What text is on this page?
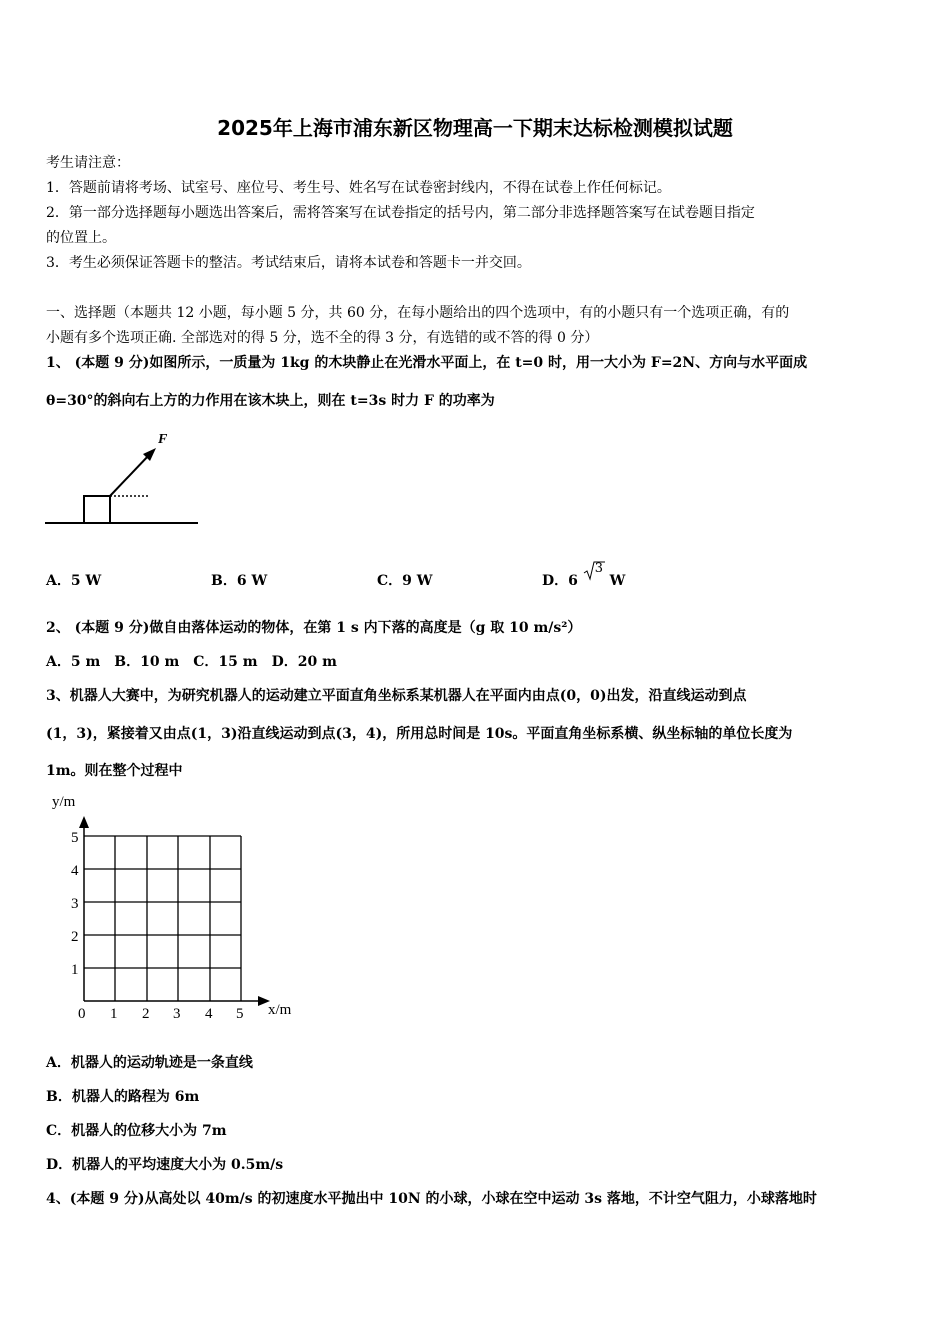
2025年上海市浦东新区物理高一下期末达标检测模拟试题
考生请注意：
1．答题前请将考场、试室号、座位号、考生号、姓名写在试卷密封线内，不得在试卷上作任何标记。
2．第一部分选择题每小题选出答案后，需将答案写在试卷指定的括号内，第二部分非选择题答案写在试卷题目指定
的位置上。
3．考生必须保证答题卡的整洁。考试结束后，请将本试卷和答题卡一并交回。
一、选择题（本题共 12 小题，每小题 5 分，共 60 分，在每小题给出的四个选项中，有的小题只有一个选项正确，有的
小题有多个选项正确. 全部选对的得 5 分，选不全的得 3 分，有选错的或不答的得 0 分）
1、 (本题 9 分)如图所示，一质量为 1kg 的木块静止在光滑水平面上，在 t=0 时，用一大小为 F=2N、方向与水平面成
θ=30°的斜向右上方的力作用在该木块上，则在 t=3s 时力 F 的功率为
F
A．5 W	B．6 W	C．9 W	D．6
3
W
2、 (本题 9 分)做自由落体运动的物体，在第 1 s 内下落的高度是（g 取 10 m/s²）
A．5 m　B．10 m　C．15 m　D．20 m
3、机器人大赛中，为研究机器人的运动建立平面直角坐标系某机器人在平面内由点(0，0)出发，沿直线运动到点
(1，3)，紧接着又由点(1，3)沿直线运动到点(3，4)，所用总时间是 10s。平面直角坐标系横、纵坐标轴的单位长度为
1m。则在整个过程中
y/m
x/m
0 1 2 3 4 5
1
2
3
4
5
A．机器人的运动轨迹是一条直线
B．机器人的路程为 6m
C．机器人的位移大小为 7m
D．机器人的平均速度大小为 0.5m/s
4、(本题 9 分)从高处以 40m/s 的初速度水平抛出中 10N 的小球，小球在空中运动 3s 落地，不计空气阻力，小球落地时
